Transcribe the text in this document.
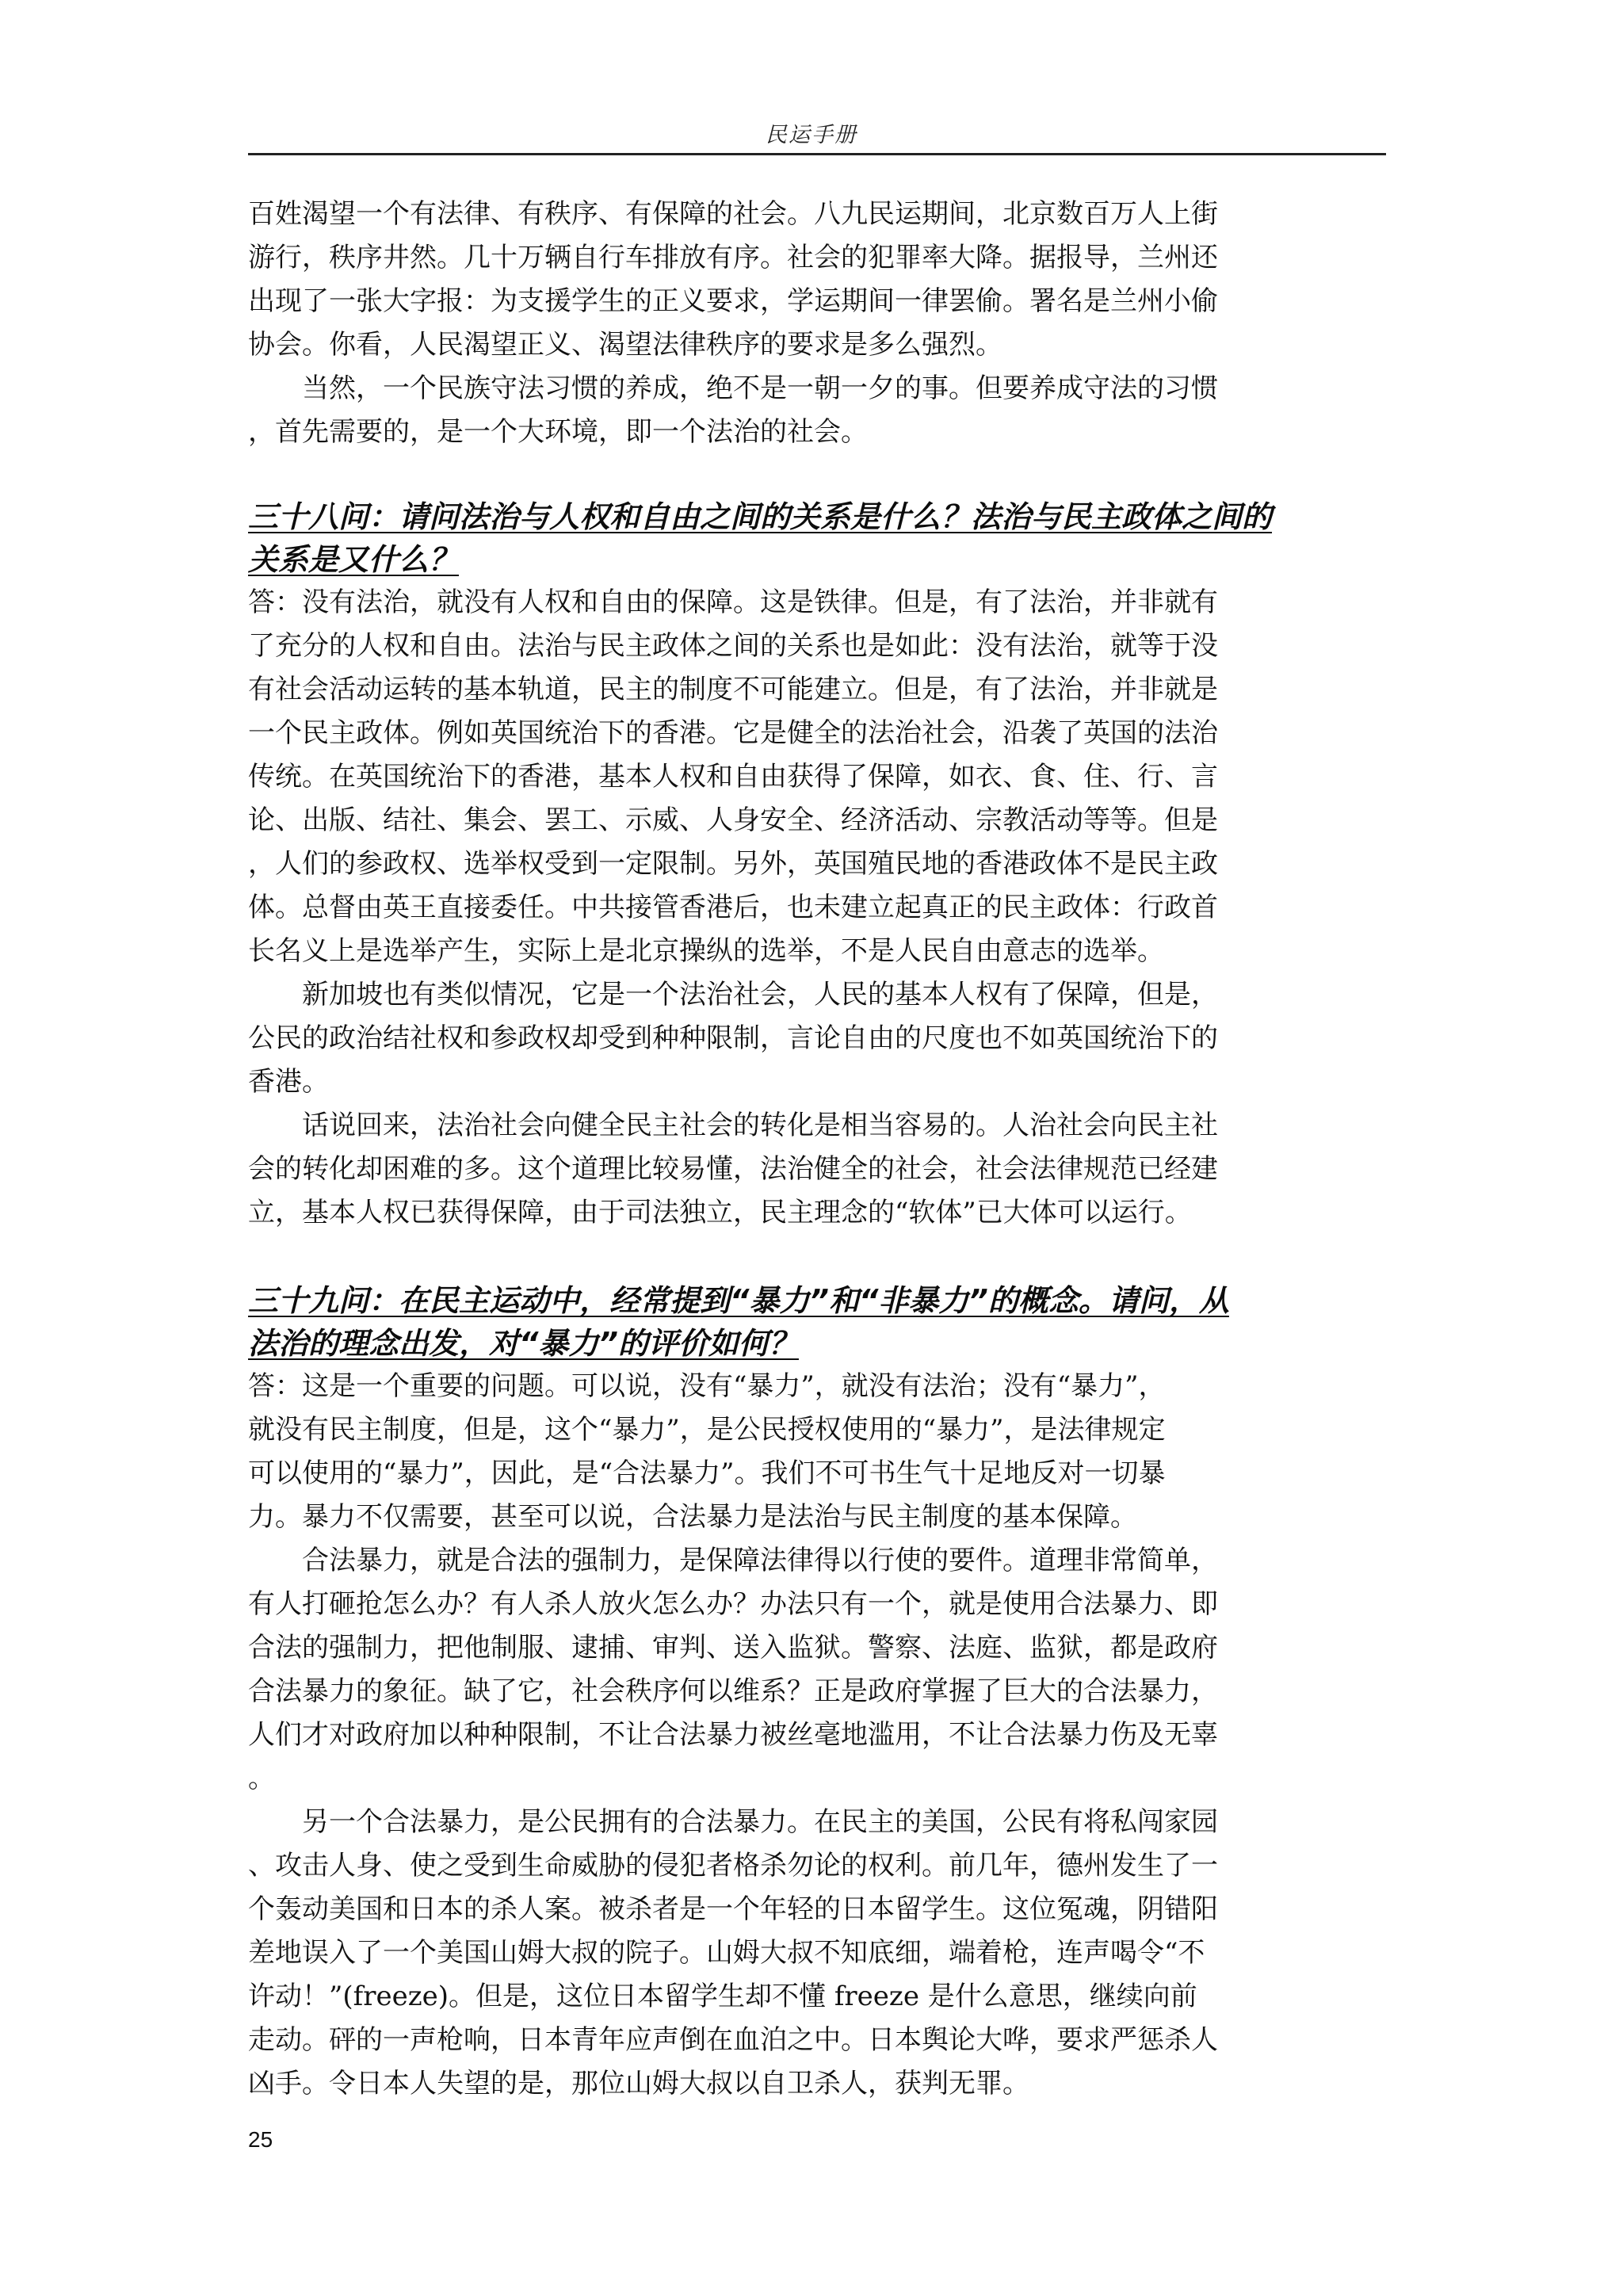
民运手册

百姓渴望一个有法律、有秩序、有保障的社会。八九民运期间，北京数百万人上街

游行，秩序井然。几十万辆自行车排放有序。社会的犯罪率大降。据报导，兰州还

出现了一张大字报：为支援学生的正义要求，学运期间一律罢偷。署名是兰州小偷

协会。你看，人民渴望正义、渴望法律秩序的要求是多么强烈。

当然，一个民族守法习惯的养成，绝不是一朝一夕的事。但要养成守法的习惯

，首先需要的，是一个大环境，即一个法治的社会。

三十八问：请问法治与人权和自由之间的关系是什么？法治与民主政体之间的

关系是又什么？

答：没有法治，就没有人权和自由的保障。这是铁律。但是，有了法治，并非就有

了充分的人权和自由。法治与民主政体之间的关系也是如此：没有法治，就等于没

有社会活动运转的基本轨道，民主的制度不可能建立。但是，有了法治，并非就是

一个民主政体。例如英国统治下的香港。它是健全的法治社会，沿袭了英国的法治

传统。在英国统治下的香港，基本人权和自由获得了保障，如衣、食、住、行、言

论、出版、结社、集会、罢工、示威、人身安全、经济活动、宗教活动等等。但是

，人们的参政权、选举权受到一定限制。另外，英国殖民地的香港政体不是民主政

体。总督由英王直接委任。中共接管香港后，也未建立起真正的民主政体：行政首

长名义上是选举产生，实际上是北京操纵的选举，不是人民自由意志的选举。

新加坡也有类似情况，它是一个法治社会，人民的基本人权有了保障，但是，

公民的政治结社权和参政权却受到种种限制，言论自由的尺度也不如英国统治下的

香港。

话说回来，法治社会向健全民主社会的转化是相当容易的。人治社会向民主社

会的转化却困难的多。这个道理比较易懂，法治健全的社会，社会法律规范已经建

立，基本人权已获得保障，由于司法独立，民主理念的“软体”已大体可以运行。

三十九问：在民主运动中，经常提到“暴力”和“非暴力”的概念。请问，从

法治的理念出发，对“暴力”的评价如何？

答：这是一个重要的问题。可以说，没有“暴力”，就没有法治；没有“暴力”，

就没有民主制度，但是，这个“暴力”，是公民授权使用的“暴力”，是法律规定

可以使用的“暴力”，因此，是“合法暴力”。我们不可书生气十足地反对一切暴

力。暴力不仅需要，甚至可以说，合法暴力是法治与民主制度的基本保障。

合法暴力，就是合法的强制力，是保障法律得以行使的要件。道理非常简单，

有人打砸抢怎么办？有人杀人放火怎么办？办法只有一个，就是使用合法暴力、即

合法的强制力，把他制服、逮捕、审判、送入监狱。警察、法庭、监狱，都是政府

合法暴力的象征。缺了它，社会秩序何以维系？正是政府掌握了巨大的合法暴力，

人们才对政府加以种种限制，不让合法暴力被丝毫地滥用，不让合法暴力伤及无辜

。

另一个合法暴力，是公民拥有的合法暴力。在民主的美国，公民有将私闯家园

、攻击人身、使之受到生命威胁的侵犯者格杀勿论的权利。前几年，德州发生了一

个轰动美国和日本的杀人案。被杀者是一个年轻的日本留学生。这位冤魂，阴错阳

差地误入了一个美国山姆大叔的院子。山姆大叔不知底细，端着枪，连声喝令“不

许动！”(freeze)。但是，这位日本留学生却不懂 freeze 是什么意思，继续向前

走动。砰的一声枪响，日本青年应声倒在血泊之中。日本舆论大哗，要求严惩杀人

凶手。令日本人失望的是，那位山姆大叔以自卫杀人，获判无罪。

25
